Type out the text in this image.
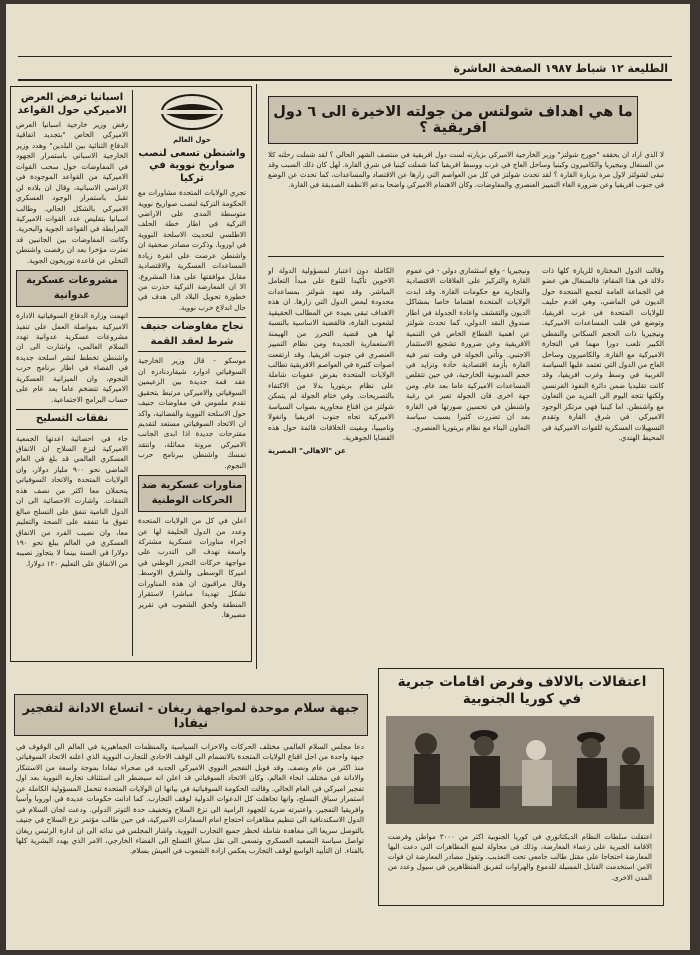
الطليعة ١٢ شباط ١٩٨٧ الصفحة العاشرة
ما هي اهداف شولتس من جولته الاخيرة الى ٦ دول افريقية ؟
لا الذي اراد ان يحققه "جورج شولتز" وزير الخارجية الاميركي بزيارته لست دول افريقية في منتصف الشهر الحالي ؟ لقد شملت رحلته كلا من السنغال ونيجيريا والكاميرون وكينيا وساحل العاج في غرب ووسط افريقيا كما شملت كينيا في شرق القارة. لهل كان ذلك السبب وقد تبقى لشولتز لاول مرة بزيارة القارة ؟ لقد تحدث شولتز في كل من العواصم التي زارها عن الاقتصاد والمساعدات، كما تحدث عن الوضع في جنوب افريقيا وعن ضرورة الغاء التمييز العنصري والمفاوضات، وكان الاهتمام الاميركي واضحا بدعم الانظمة الصديقة في القارة.
وقالت الدول المختارة للزيارة كلها ذات دلالة في هذا المقام: فالسنغال هي عضو في الجماعة العامة لتجمع المتحدة حول الديون في الماضي، وهي اقدم حليف للولايات المتحدة في غرب افريقيا، وتوضع في قلب المساعدات الاميركية. ونيجيريا ذات الحجم السكاني والنفطي الكبير تلعب دورا مهما في التجارة الاميركية مع القارة. والكاميرون وساحل العاج من الدول التي تعتمد عليها السياسة الغربية في وسط وغرب افريقيا، وقد كانت تقليديا ضمن دائرة النفوذ الفرنسي ولكنها تتجه اليوم الى المزيد من التعاون مع واشنطن. اما كينيا فهي مرتكز الوجود الاميركي في شرق القارة وتقدم التسهيلات العسكرية للقوات الاميركية في المحيط الهندي.
ونيجيريا - وقع استثماري دولي - في عموم القارة والتركيز على العلاقات الاقتصادية والتجارية مع حكومات القارة. وقد ابدت الولايات المتحدة اهتماما خاصا بمشاكل الديون والتقشف واعادة الجدولة في اطار صندوق النقد الدولي، كما تحدث شولتز عن اهمية القطاع الخاص في التنمية الافريقية وعن ضرورة تشجيع الاستثمار الاجنبي. وتأتي الجولة في وقت تمر فيه القارة بأزمة اقتصادية حادة وتزايد في حجم المديونية الخارجية، في حين تتقلص المساعدات الاميركية عاما بعد عام. ومن جهة اخرى فان الجولة تعبر عن رغبة واشنطن في تحسين صورتها في القارة بعد ان تضررت كثيرا بسبب سياسة التعاون البناء مع نظام بريتوريا العنصري.
الكاملة دون اعتبار لمسؤولية الدولة او الاخوين تأكيدا للنوع على مبدأ التعامل المباشر. وقد تعهد شولتز بمساعدات محدودة لبعض الدول التي زارها. ان هذه الاهداف تبقى بعيدة عن المطالب الحقيقية لشعوب القارة، فالقضية الاساسية بالنسبة لها هي قضية التحرر من الهيمنة الاستعمارية الجديدة ومن نظام التمييز العنصري في جنوب افريقيا. وقد ارتفعت اصوات كثيرة في العواصم الافريقية تطالب الولايات المتحدة بفرض عقوبات شاملة على نظام بريتوريا بدلا من الاكتفاء بالتصريحات. وفي ختام الجولة لم يتمكن شولتز من اقناع محاوريه بصواب السياسة الاميركية تجاه جنوب افريقيا وانغولا وناميبيا، وبقيت الخلافات قائمة حول هذه القضايا الجوهرية.
عن "الاهالي" المصرية
اعتقالات بالالاف وفرض اقامات جبرية في كوريا الجنوبية
اعتقلت سلطات النظام الديكتاتوري في كوريا الجنوبية اكثر من ٣٠٠٠ مواطن وفرضت الاقامة الجبرية على زعماء المعارضة، وذلك في محاولة لمنع المظاهرات التي دعت اليها المعارضة احتجاجا على مقتل طالب جامعي تحت التعذيب. وتقول مصادر المعارضة ان قوات الامن استخدمت القنابل المسيلة للدموع والهراوات لتفريق المتظاهرين في سيول وعدد من المدن الاخرى.
اسبانيا ترفض العرض الاميركي حول القواعد

رفض وزير خارجية اسبانيا العرض الاميركي الخاص "بتجديد اتفاقية الدفاع الثنائية بين البلدين" وهدد وزير الخارجية الاسباني باستمرار الجهود في المفاوضات حول سحب القوات الاميركية من القواعد الموجودة في الاراضي الاسبانية، وقال ان بلاده لن تقبل باستمرار الوجود العسكري الاميركي بالشكل الحالي. وطالب اسبانيا بتقليص عدد القوات الاميركية المرابطة في القواعد الجوية والبحرية. وكانت المفاوضات بين الجانبين قد تعثرت مؤخرا بعد ان رفضت واشنطن التخلي عن قاعدة توريخون الجوية.

مشروعات عسكرية عدوانية

اتهمت وزارة الدفاع السوفياتية الادارة الاميركية بمواصلة العمل على تنفيذ مشروعات عسكرية عدوانية تهدد السلام العالمي، واشارت الى ان واشنطن تخطط لنشر اسلحة جديدة في الفضاء في اطار برنامج حرب النجوم، وان الميزانية العسكرية الاميركية تتضخم عاما بعد عام على حساب البرامج الاجتماعية.

نفقات التسليح

جاء في احصائية اعدتها الجمعية الاميركية لنزع السلاح ان الانفاق العسكري العالمي قد بلغ في العام الماضي نحو ٩٠٠ مليار دولار، وان الولايات المتحدة والاتحاد السوفياتي يتحملان معا اكثر من نصف هذه النفقات. واشارت الاحصائية الى ان الدول النامية تنفق على التسلح مبالغ تفوق ما تنفقه على الصحة والتعليم معا، وان نصيب الفرد من الانفاق العسكري في العالم يبلغ نحو ١٩٠ دولارا في السنة بينما لا يتجاوز نصيبه من الانفاق على التعليم ١٢٠ دولارا.

حول العالم
واشنطن تسعى لنصب صواريخ نووية في تركيا

تجري الولايات المتحدة مشاورات مع الحكومة التركية لنصب صواريخ نووية متوسطة المدى على الاراضي التركية في اطار خطة الحلف الاطلسي لتحديث الاسلحة النووية في اوروبا. وذكرت مصادر صحفية ان واشنطن عرضت على انقرة زيادة المساعدات العسكرية والاقتصادية مقابل موافقتها على هذا المشروع، الا ان المعارضة التركية حذرت من خطورة تحويل البلاد الى هدف في حال اندلاع حرب نووية.

نجاح مفاوضات جنيف شرط لعقد القمة

موسكو - قال وزير الخارجية السوفياتي ادوارد شيفاردنادزه ان عقد قمة جديدة بين الزعيمين السوفياتي والاميركي مرتبط بتحقيق تقدم ملموس في مفاوضات جنيف حول الاسلحة النووية والفضائية، واكد ان الاتحاد السوفياتي مستعد لتقديم مقترحات جديدة اذا ابدى الجانب الاميركي مرونة مماثلة، وانتقد تمسك واشنطن ببرنامج حرب النجوم.

مناورات عسكرية ضد الحركات الوطنية

اعلن في كل من الولايات المتحدة وعدد من الدول الحليفة لها عن اجراء مناورات عسكرية مشتركة واسعة تهدف الى التدرب على مواجهة حركات التحرر الوطني في اميركا الوسطى والشرق الاوسط. وقال مراقبون ان هذه المناورات تشكل تهديدا مباشرا لاستقرار المنطقة ولحق الشعوب في تقرير مصيرها.

جبهة سلام موحدة لمواجهة ريغان - اتساع الادانة لتفجير نيفادا
دعا مجلس السلام العالمي مختلف الحركات والاحزاب السياسية والمنظمات الجماهيرية في العالم الى الوقوف في جبهة واحدة من اجل اقناع الولايات المتحدة بالانضمام الى الوقف الاحادي للتجارب النووية الذي اعلنه الاتحاد السوفياتي منذ اكثر من عام ونصف. وقد قوبل التفجير النووي الاميركي الجديد في صحراء نيفادا بموجة واسعة من الاستنكار والادانة في مختلف انحاء العالم، وكان الاتحاد السوفياتي قد اعلن انه سيضطر الى استئناف تجاربه النووية بعد اول تفجير اميركي في العام الحالي. وقالت الحكومة السوفياتية في بيانها ان الولايات المتحدة تتحمل المسؤولية الكاملة عن استمرار سباق التسلح، وانها تجاهلت كل الدعوات الدولية لوقف التجارب. كما ادانت حكومات عديدة في اوروبا وآسيا وافريقيا التفجير، واعتبرته ضربة للجهود الرامية الى نزع السلاح وتخفيف حدة التوتر الدولي. ودعت لجان السلام في الدول الاسكندنافية الى تنظيم مظاهرات احتجاج امام السفارات الاميركية، في حين طالب مؤتمر نزع السلاح في جنيف بالتوصل سريعا الى معاهدة شاملة لحظر جميع التجارب النووية. واشار المجلس في ندائه الى ان ادارة الرئيس ريغان تواصل سياسة التصعيد العسكري وتسعى الى نقل سباق التسلح الى الفضاء الخارجي، الامر الذي يهدد البشرية كلها بالفناء. ان التأييد الواسع لوقف التجارب يعكس ارادة الشعوب في العيش بسلام.
